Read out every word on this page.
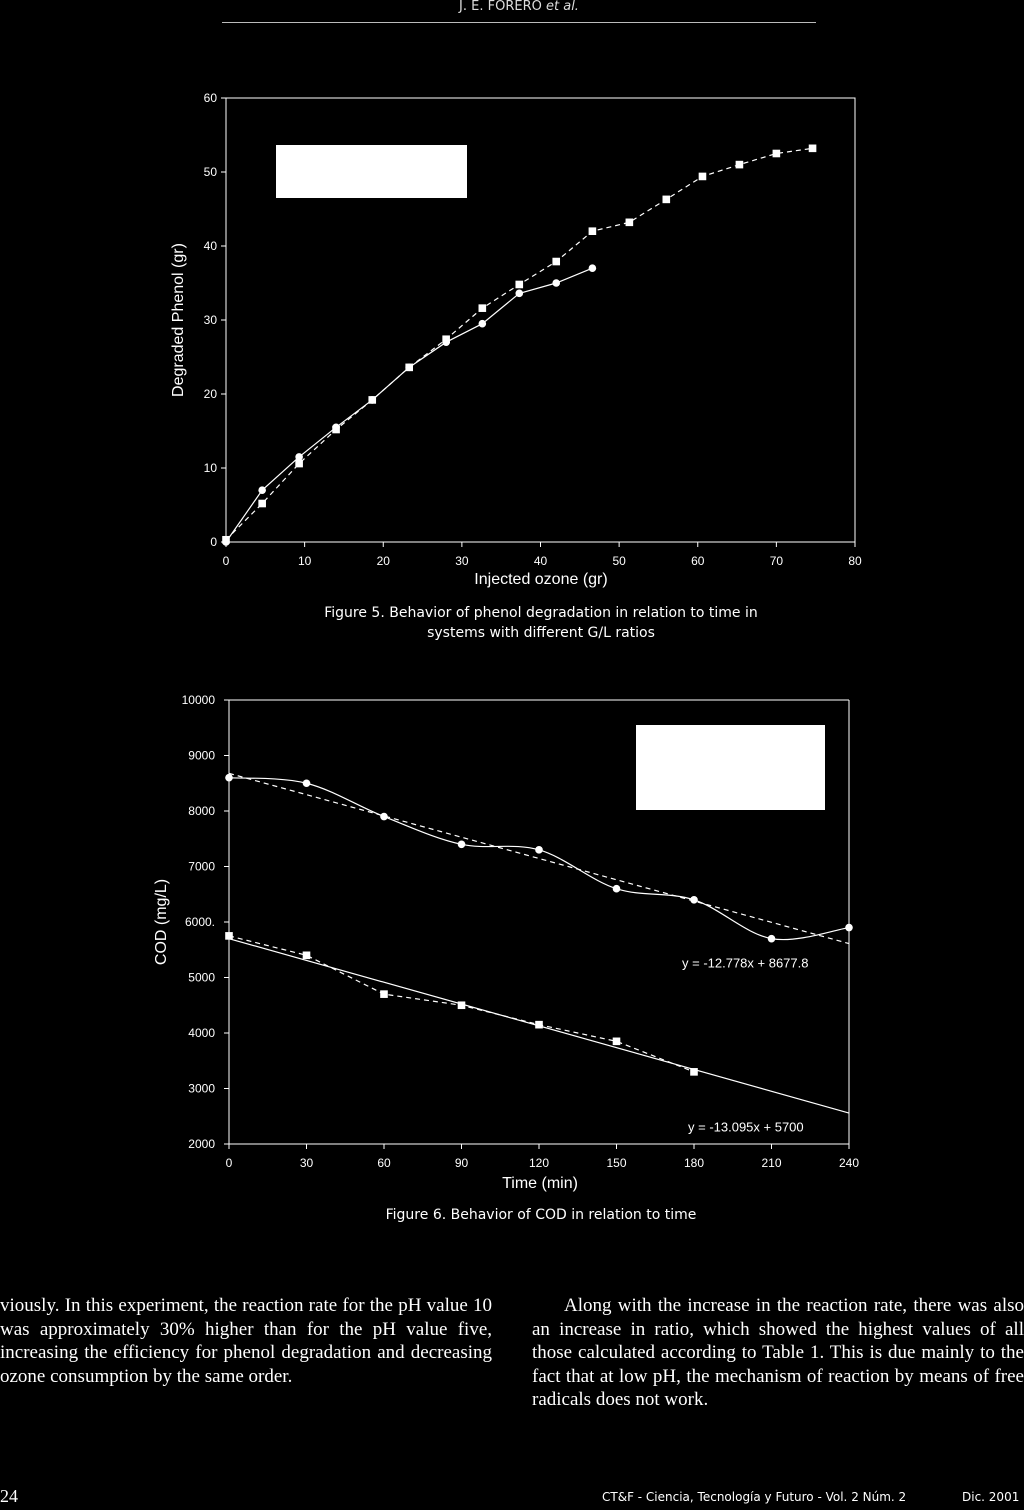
J. E. FORERO et al.
0
10
20
30
40
50
60
0	10	20	30	40	50	60	70	80
Injected ozone (gr)
Degraded Phenol (gr)
Figure 5. Behavior of phenol degradation in relation to time in
systems with different G/L ratios
2000
3000
4000
5000
6000.
7000
8000
9000
10000
0	30	60	90	120	150	180	210	240
y = -12.778x + 8677.8
y = -13.095x + 5700
Time (min)
COD (mg/L)
Figure 6. Behavior of COD in relation to time

viously. In this experiment, the reaction rate for the pH value 10 was approximately 30% higher than for the pH value five, increasing the efficiency for phenol degradation and decreasing ozone consumption by the same order.

Along with the increase in the reaction rate, there was also an increase in ratio, which showed the highest values of all those calculated according to Table 1. This is due mainly to the fact that at low pH, the mechanism of reaction by means of free radicals does not work.

24	CT&F - Ciencia, Tecnología y Futuro - Vol. 2 Núm. 2	Dic. 2001
